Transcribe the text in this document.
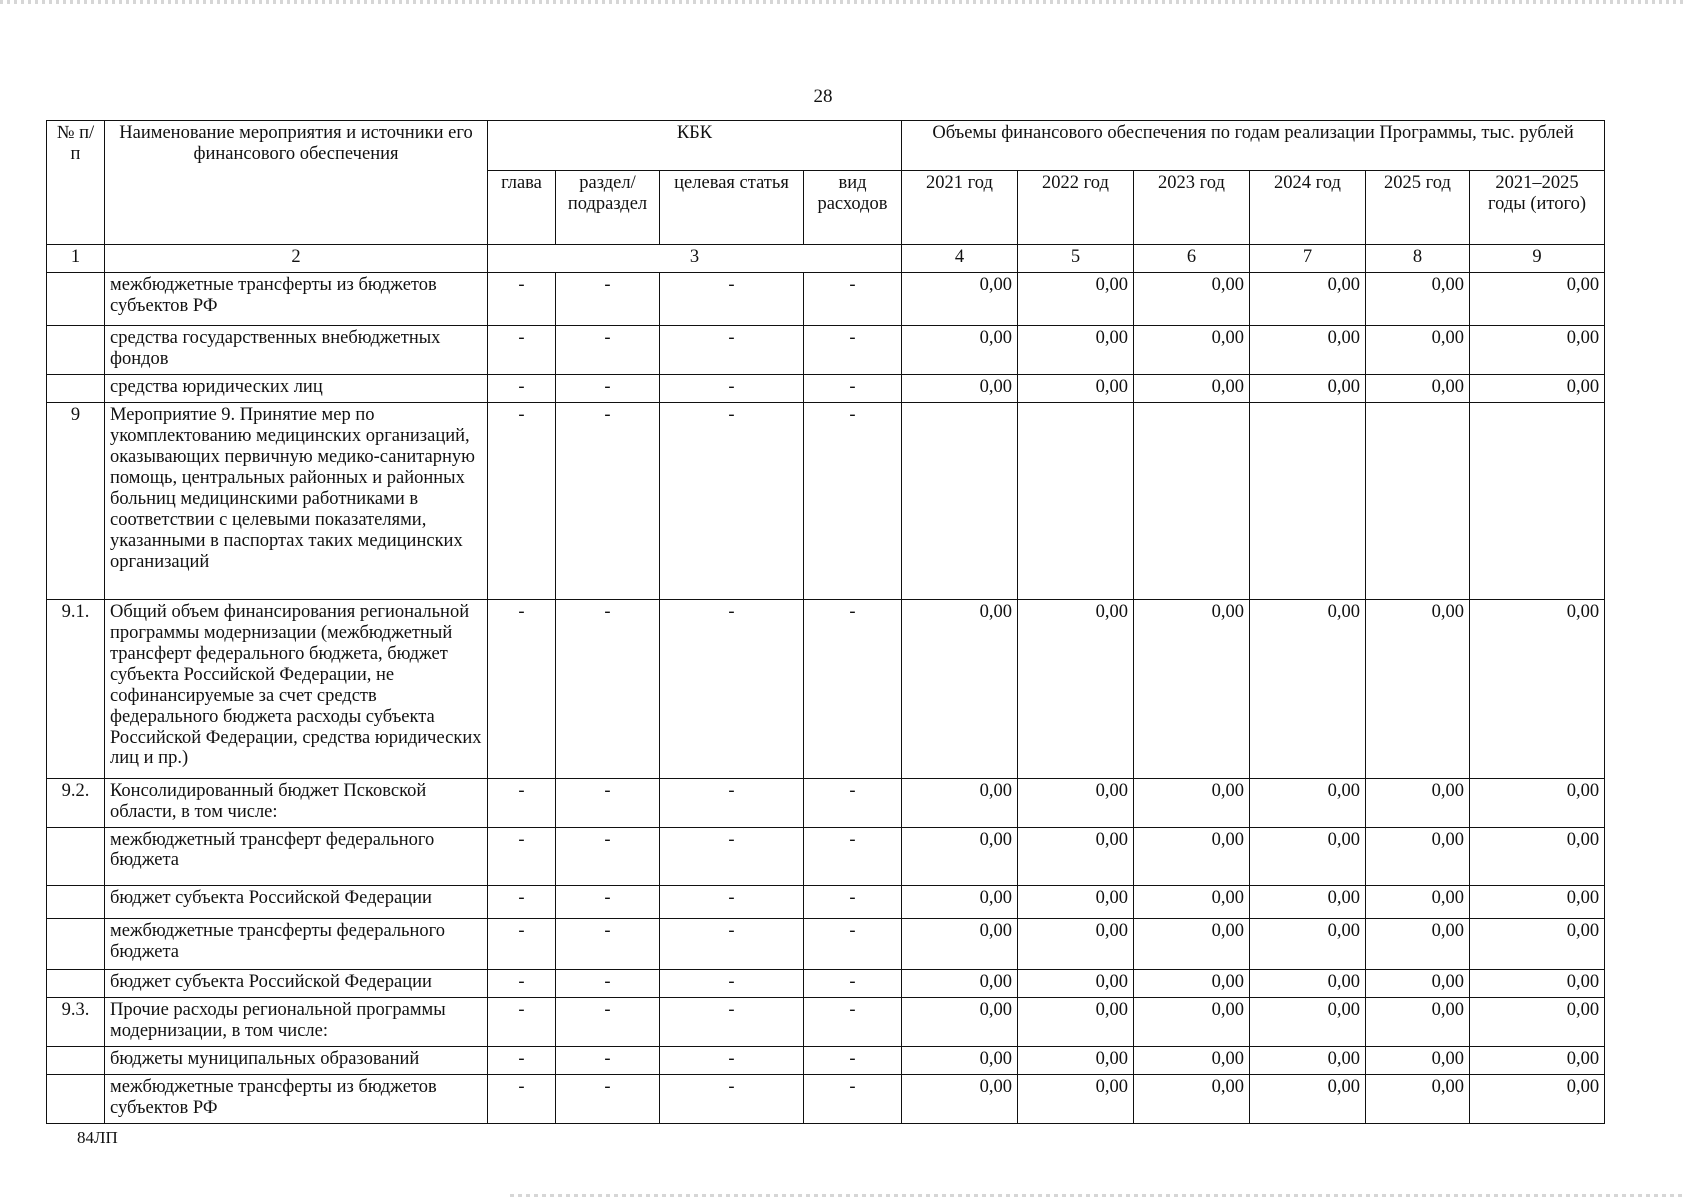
28
№ п/п	Наименование мероприятия и источники его финансового обеспечения	КБК				Объемы финансового обеспечения по годам реализации Программы, тыс. рублей					
		глава	раздел/ подраздел	целевая статья	вид расходов	2021 год	2022 год	2023 год	2024 год	2025 год	2021–2025 годы (итого)
1	2	3				4	5	6	7	8	9
	межбюджетные трансферты из бюджетов субъектов РФ	-	-	-	-	0,00	0,00	0,00	0,00	0,00	0,00
	средства государственных внебюджетных фондов	-	-	-	-	0,00	0,00	0,00	0,00	0,00	0,00
	средства юридических лиц	-	-	-	-	0,00	0,00	0,00	0,00	0,00	0,00
9	Мероприятие 9. Принятие мер по укомплектованию медицинских организаций, оказывающих первичную медико-санитарную помощь, центральных районных и районных больниц медицинскими работниками в соответствии с целевыми показателями, указанными в паспортах таких медицинских организаций	-	-	-	-						
9.1.	Общий объем финансирования региональной программы модернизации (межбюджетный трансферт федерального бюджета, бюджет субъекта Российской Федерации, не софинансируемые за счет средств федерального бюджета расходы субъекта Российской Федерации, средства юридических лиц и пр.)	-	-	-	-	0,00	0,00	0,00	0,00	0,00	0,00
9.2.	Консолидированный бюджет Псковской области, в том числе:	-	-	-	-	0,00	0,00	0,00	0,00	0,00	0,00
	межбюджетный трансферт федерального бюджета	-	-	-	-	0,00	0,00	0,00	0,00	0,00	0,00
	бюджет субъекта Российской Федерации	-	-	-	-	0,00	0,00	0,00	0,00	0,00	0,00
	межбюджетные трансферты федерального бюджета	-	-	-	-	0,00	0,00	0,00	0,00	0,00	0,00
	бюджет субъекта Российской Федерации	-	-	-	-	0,00	0,00	0,00	0,00	0,00	0,00
9.3.	Прочие расходы региональной программы модернизации, в том числе:	-	-	-	-	0,00	0,00	0,00	0,00	0,00	0,00
	бюджеты муниципальных образований	-	-	-	-	0,00	0,00	0,00	0,00	0,00	0,00
	межбюджетные трансферты из бюджетов субъектов РФ	-	-	-	-	0,00	0,00	0,00	0,00	0,00	0,00
84ЛП
